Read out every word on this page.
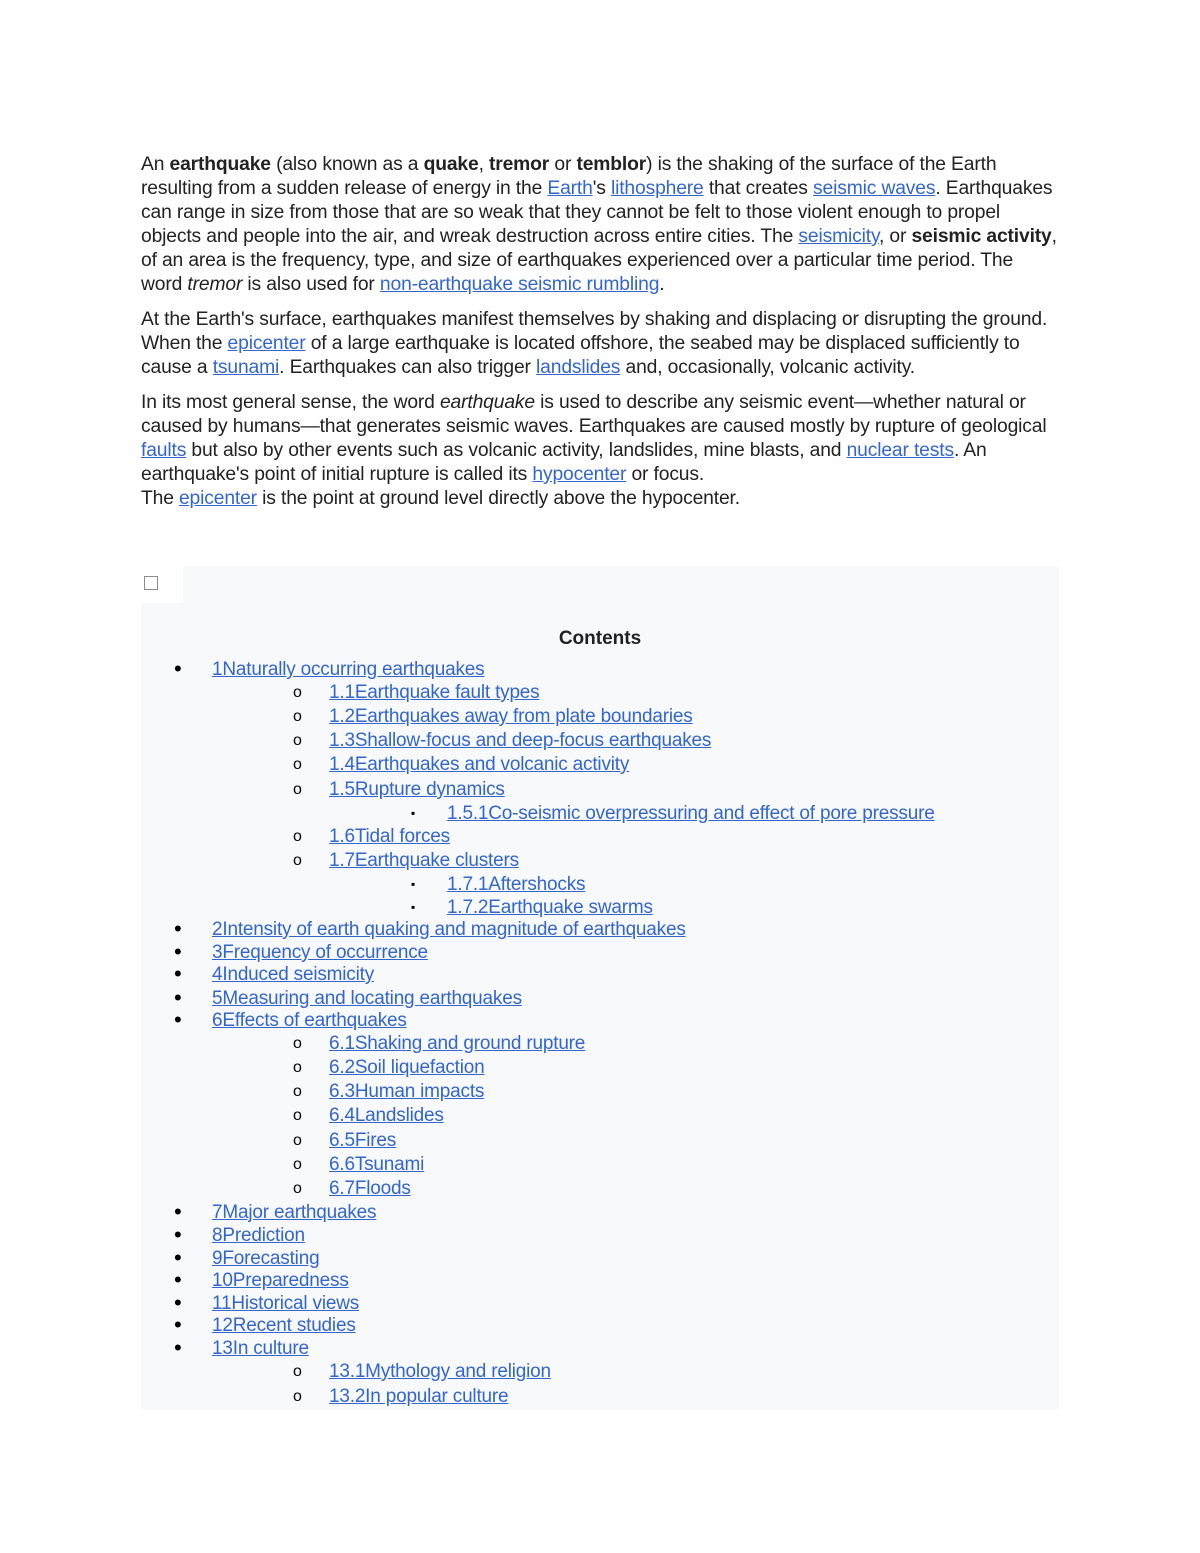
An earthquake (also known as a quake, tremor or temblor) is the shaking of the surface of the Earth resulting from a sudden release of energy in the Earth's lithosphere that creates seismic waves. Earthquakes can range in size from those that are so weak that they cannot be felt to those violent enough to propel objects and people into the air, and wreak destruction across entire cities. The seismicity, or seismic activity, of an area is the frequency, type, and size of earthquakes experienced over a particular time period. The word tremor is also used for non-earthquake seismic rumbling.

At the Earth's surface, earthquakes manifest themselves by shaking and displacing or disrupting the ground. When the epicenter of a large earthquake is located offshore, the seabed may be displaced sufficiently to cause a tsunami. Earthquakes can also trigger landslides and, occasionally, volcanic activity.

In its most general sense, the word earthquake is used to describe any seismic event—whether natural or caused by humans—that generates seismic waves. Earthquakes are caused mostly by rupture of geological faults but also by other events such as volcanic activity, landslides, mine blasts, and nuclear tests. An earthquake's point of initial rupture is called its hypocenter or focus.
The epicenter is the point at ground level directly above the hypocenter.

Contents
• 1Naturally occurring earthquakes
o 1.1Earthquake fault types
o 1.2Earthquakes away from plate boundaries
o 1.3Shallow-focus and deep-focus earthquakes
o 1.4Earthquakes and volcanic activity
o 1.5Rupture dynamics
▪ 1.5.1Co-seismic overpressuring and effect of pore pressure
o 1.6Tidal forces
o 1.7Earthquake clusters
▪ 1.7.1Aftershocks
▪ 1.7.2Earthquake swarms
• 2Intensity of earth quaking and magnitude of earthquakes
• 3Frequency of occurrence
• 4Induced seismicity
• 5Measuring and locating earthquakes
• 6Effects of earthquakes
o 6.1Shaking and ground rupture
o 6.2Soil liquefaction
o 6.3Human impacts
o 6.4Landslides
o 6.5Fires
o 6.6Tsunami
o 6.7Floods
• 7Major earthquakes
• 8Prediction
• 9Forecasting
• 10Preparedness
• 11Historical views
• 12Recent studies
• 13In culture
o 13.1Mythology and religion
o 13.2In popular culture
